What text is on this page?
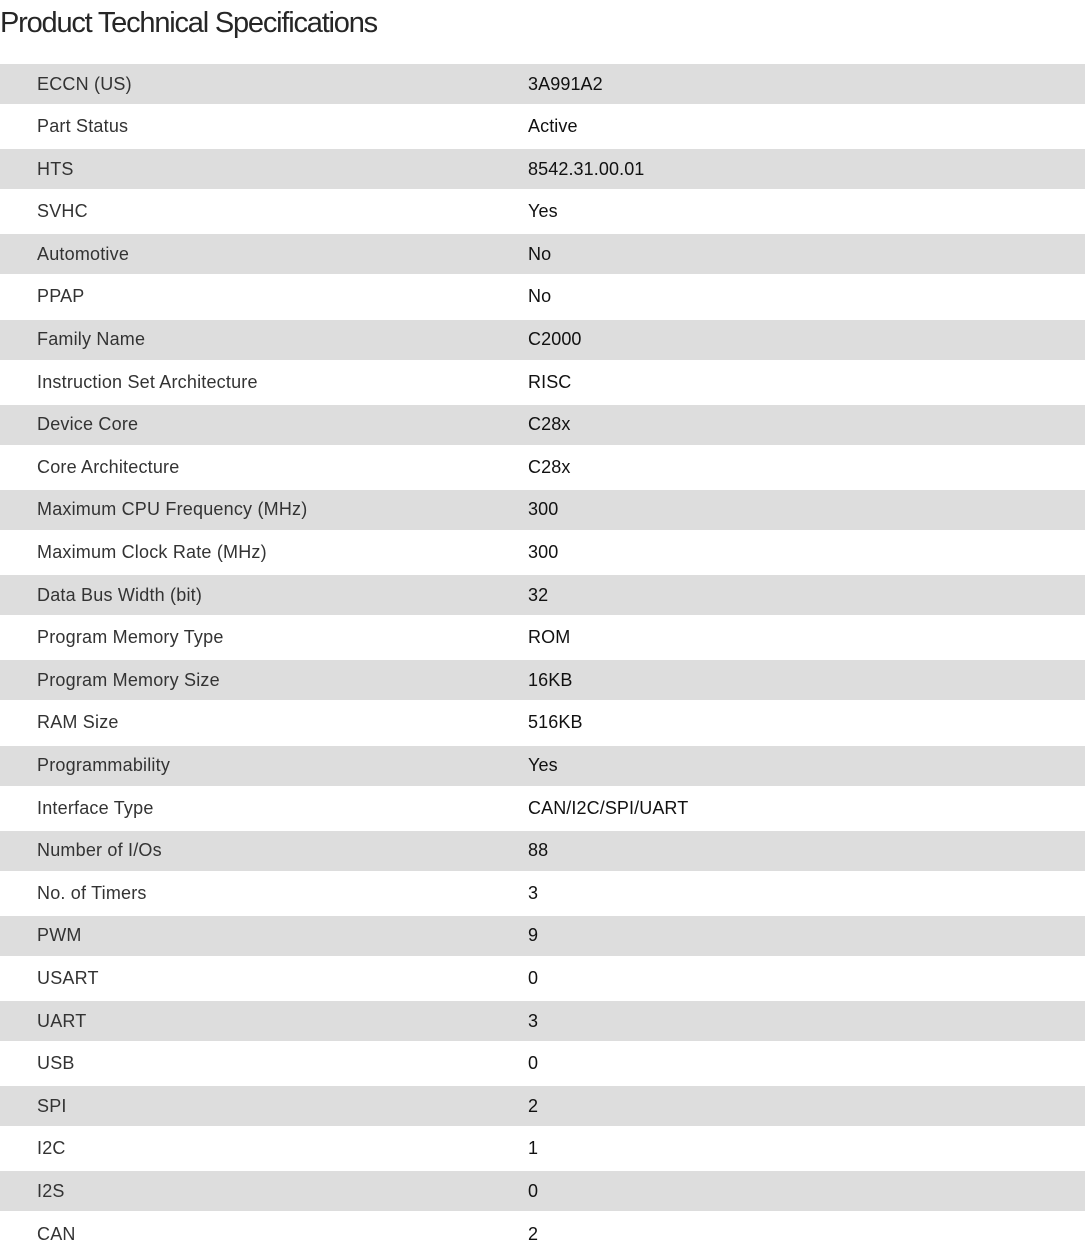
Product Technical Specifications
ECCN (US)	3A991A2
Part Status	Active
HTS	8542.31.00.01
SVHC	Yes
Automotive	No
PPAP	No
Family Name	C2000
Instruction Set Architecture	RISC
Device Core	C28x
Core Architecture	C28x
Maximum CPU Frequency (MHz)	300
Maximum Clock Rate (MHz)	300
Data Bus Width (bit)	32
Program Memory Type	ROM
Program Memory Size	16KB
RAM Size	516KB
Programmability	Yes
Interface Type	CAN/I2C/SPI/UART
Number of I/Os	88
No. of Timers	3
PWM	9
USART	0
UART	3
USB	0
SPI	2
I2C	1
I2S	0
CAN	2
